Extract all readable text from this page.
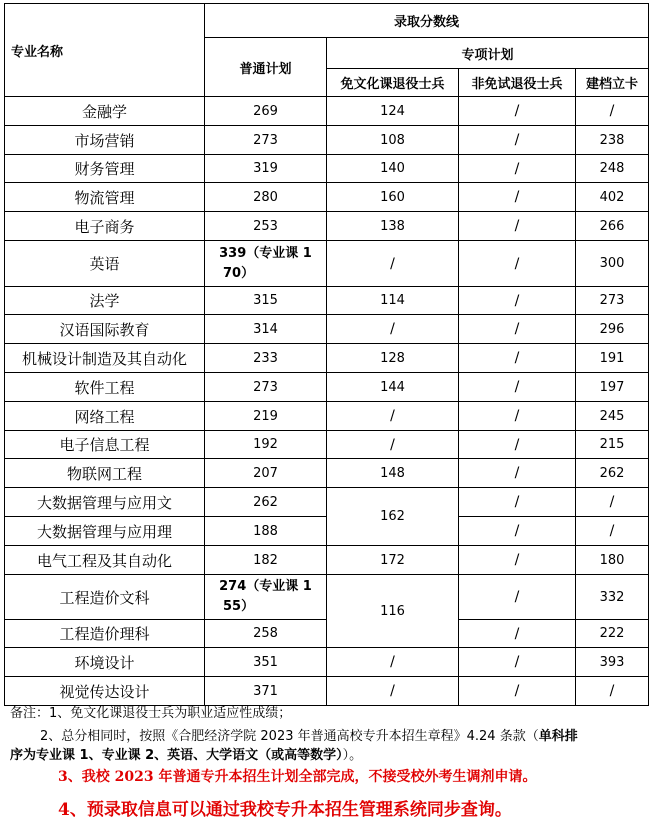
专业名称	录取分数线			
	普通计划	专项计划		
		免文化课退役士兵	非免试退役士兵	建档立卡
金融学	269	124	/	/
市场营销	273	108	/	238
财务管理	319	140	/	248
物流管理	280	160	/	402
电子商务	253	138	/	266
英语	339（专业课 1
70）	/	/	300
法学	315	114	/	273
汉语国际教育	314	/	/	296
机械设计制造及其自动化	233	128	/	191
软件工程	273	144	/	197
网络工程	219	/	/	245
电子信息工程	192	/	/	215
物联网工程	207	148	/	262
大数据管理与应用文	262	162	/	/
大数据管理与应用理	188		/	/
电气工程及其自动化	182	172	/	180
工程造价文科	274（专业课 1
55）	116	/	332
工程造价理科	258		/	222
环境设计	351	/	/	393
视觉传达设计	371	/	/	/
备注：1、免文化课退役士兵为职业适应性成绩；
2、总分相同时，按照《合肥经济学院 2023 年普通高校专升本招生章程》4.24 条款（单科排
序为专业课 1、专业课 2、英语、大学语文（或高等数学））。
3、我校 2023 年普通专升本招生计划全部完成，不接受校外考生调剂申请。
4、预录取信息可以通过我校专升本招生管理系统同步查询。
